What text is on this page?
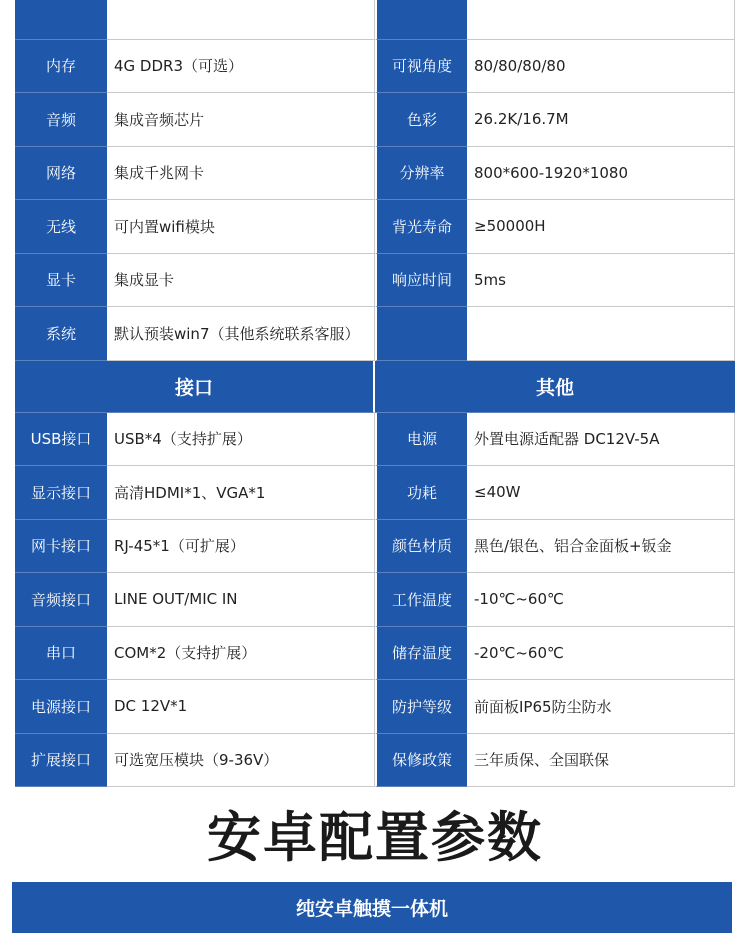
内存	4G DDR3（可选）	可视角度	80/80/80/80
音频	集成音频芯片	色彩	26.2K/16.7M
网络	集成千兆网卡	分辨率	800*600-1920*1080
无线	可内置wifi模块	背光寿命	≥50000H
显卡	集成显卡	响应时间	5ms
系统	默认预装win7（其他系统联系客服）
接口	其他
USB接口	USB*4（支持扩展）	电源	外置电源适配器 DC12V-5A
显示接口	高清HDMI*1、VGA*1	功耗	≤40W
网卡接口	RJ-45*1（可扩展）	颜色材质	黑色/银色、铝合金面板+钣金
音频接口	LINE OUT/MIC IN	工作温度	-10℃~60℃
串口	COM*2（支持扩展）	储存温度	-20℃~60℃
电源接口	DC 12V*1	防护等级	前面板IP65防尘防水
扩展接口	可选宽压模块（9-36V）	保修政策	三年质保、全国联保
安卓配置参数
纯安卓触摸一体机
